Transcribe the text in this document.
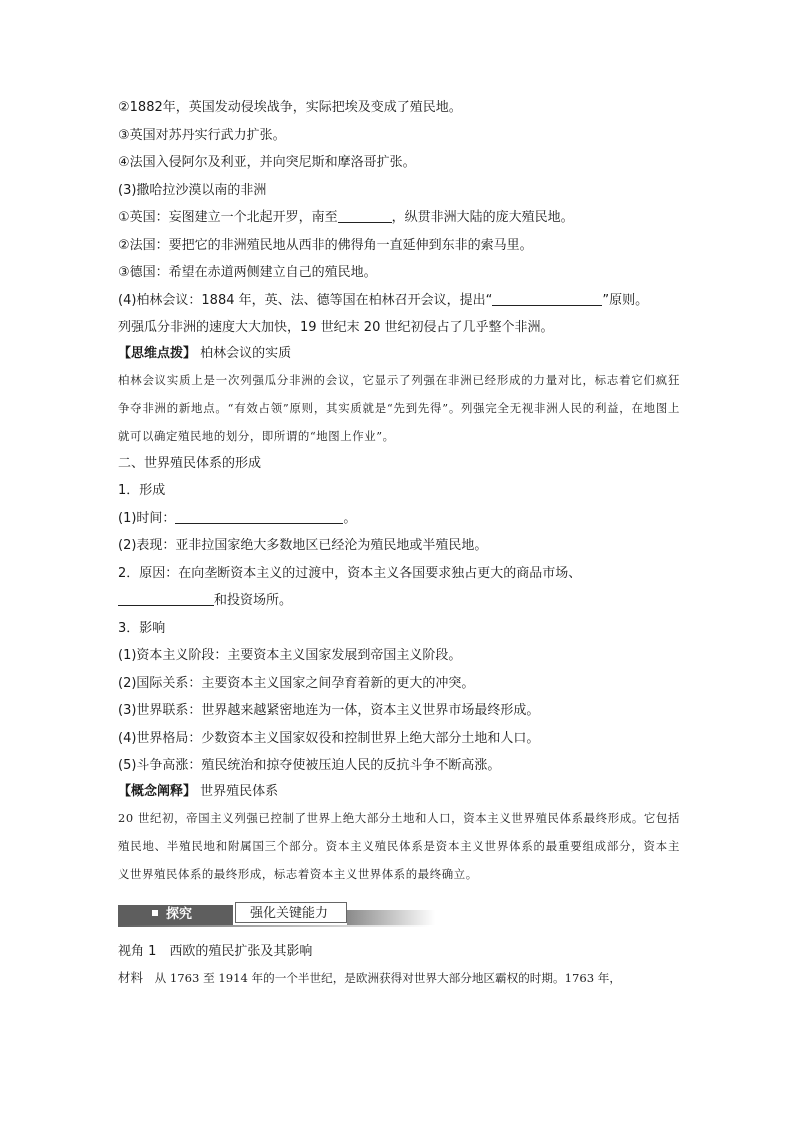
②1882年，英国发动侵埃战争，实际把埃及变成了殖民地。
③英国对苏丹实行武力扩张。
④法国入侵阿尔及利亚，并向突尼斯和摩洛哥扩张。
(3)撒哈拉沙漠以南的非洲
①英国：妄图建立一个北起开罗，南至	，纵贯非洲大陆的庞大殖民地。
②法国：要把它的非洲殖民地从西非的佛得角一直延伸到东非的索马里。
③德国：希望在赤道两侧建立自己的殖民地。
(4)柏林会议：1884 年，英、法、德等国在柏林召开会议，提出“	”原则。
列强瓜分非洲的速度大大加快，19 世纪末 20 世纪初侵占了几乎整个非洲。
【思维点拨】 柏林会议的实质
柏林会议实质上是一次列强瓜分非洲的会议，它显示了列强在非洲已经形成的力量对比，标志着它们疯狂争夺非洲的新地点。“有效占领”原则，其实质就是“先到先得”。列强完全无视非洲人民的利益，在地图上就可以确定殖民地的划分，即所谓的“地图上作业”。
二、世界殖民体系的形成
1．形成
(1)时间：	。
(2)表现：亚非拉国家绝大多数地区已经沦为殖民地或半殖民地。
2．原因：在向垄断资本主义的过渡中，资本主义各国要求独占更大的商品市场、
和投资场所。
3．影响
(1)资本主义阶段：主要资本主义国家发展到帝国主义阶段。
(2)国际关系：主要资本主义国家之间孕育着新的更大的冲突。
(3)世界联系：世界越来越紧密地连为一体，资本主义世界市场最终形成。
(4)世界格局：少数资本主义国家奴役和控制世界上绝大部分土地和人口。
(5)斗争高涨：殖民统治和掠夺使被压迫人民的反抗斗争不断高涨。
【概念阐释】 世界殖民体系
20 世纪初，帝国主义列强已控制了世界上绝大部分土地和人口，资本主义世界殖民体系最终形成。它包括殖民地、半殖民地和附属国三个部分。资本主义殖民体系是资本主义世界体系的最重要组成部分，资本主义世界殖民体系的最终形成，标志着资本主义世界体系的最终确立。
探究	强化关键能力
视角 1　西欧的殖民扩张及其影响
材料　从 1763 至 1914 年的一个半世纪，是欧洲获得对世界大部分地区霸权的时期。1763 年，
